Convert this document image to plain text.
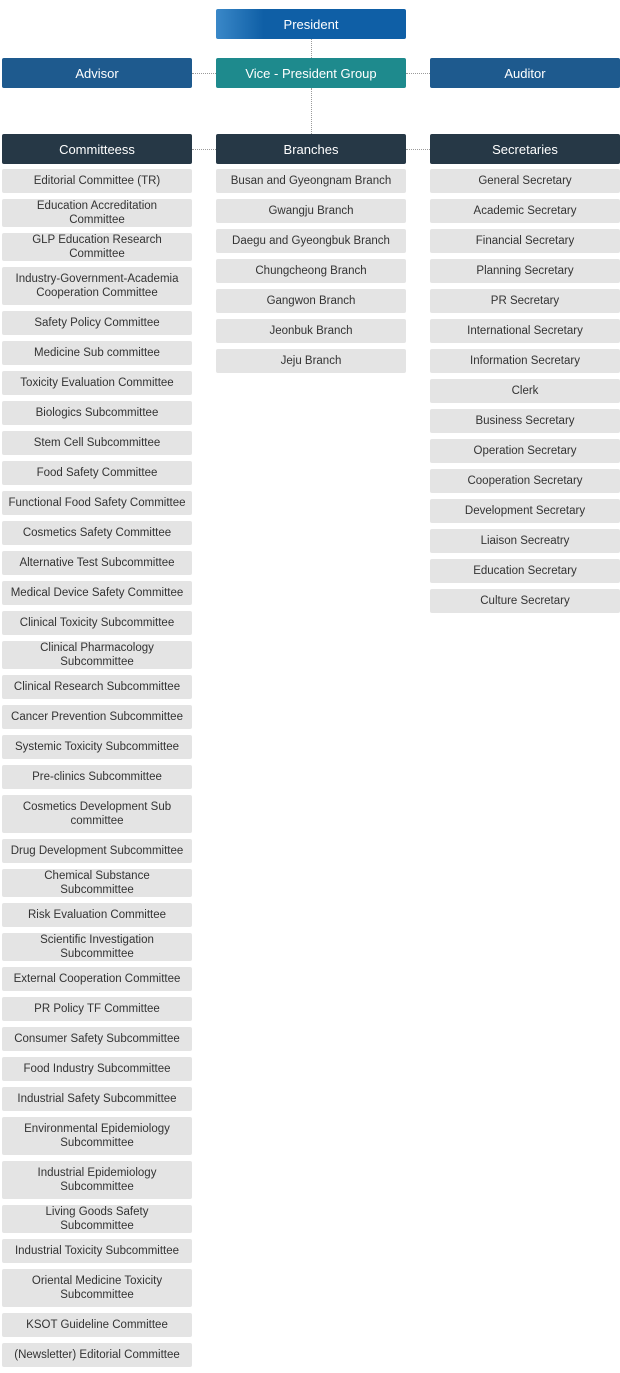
President
Advisor	Vice - President Group	Auditor
Committeess	Branches	Secretaries
Editorial Committee (TR)
Education Accreditation Committee
GLP Education Research Committee
Industry-Government-Academia Cooperation Committee
Safety Policy Committee
Medicine Sub committee
Toxicity Evaluation Committee
Biologics Subcommittee
Stem Cell Subcommittee
Food Safety Committee
Functional Food Safety Committee
Cosmetics Safety Committee
Alternative Test Subcommittee
Medical Device Safety Committee
Clinical Toxicity Subcommittee
Clinical Pharmacology Subcommittee
Clinical Research Subcommittee
Cancer Prevention Subcommittee
Systemic Toxicity Subcommittee
Pre-clinics Subcommittee
Cosmetics Development Sub committee
Drug Development Subcommittee
Chemical Substance Subcommittee
Risk Evaluation Committee
Scientific Investigation Subcommittee
External Cooperation Committee
PR Policy TF Committee
Consumer Safety Subcommittee
Food Industry Subcommittee
Industrial Safety Subcommittee
Environmental Epidemiology Subcommittee
Industrial Epidemiology Subcommittee
Living Goods Safety Subcommittee
Industrial Toxicity Subcommittee
Oriental Medicine Toxicity Subcommittee
KSOT Guideline Committee
(Newsletter) Editorial Committee
Busan and Gyeongnam Branch
Gwangju Branch
Daegu and Gyeongbuk Branch
Chungcheong Branch
Gangwon Branch
Jeonbuk Branch
Jeju Branch
General Secretary
Academic Secretary
Financial Secretary
Planning Secretary
PR Secretary
International Secretary
Information Secretary
Clerk
Business Secretary
Operation Secretary
Cooperation Secretary
Development Secretary
Liaison Secreatry
Education Secretary
Culture Secretary
